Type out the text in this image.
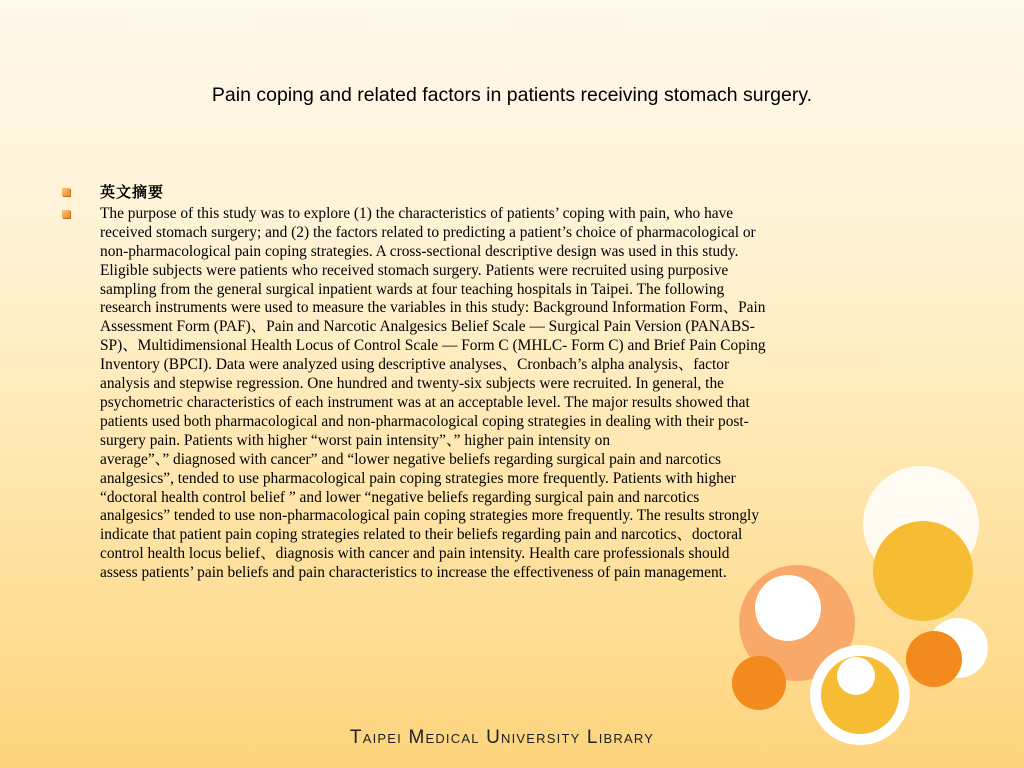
Pain coping and related factors in patients receiving stomach surgery.
英文摘要
The purpose of this study was to explore (1) the characteristics of patients’ coping with pain, who have
received stomach surgery; and (2) the factors related to predicting a patient’s choice of pharmacological or
non-pharmacological pain coping strategies. A cross-sectional descriptive design was used in this study.
Eligible subjects were patients who received stomach surgery. Patients were recruited using purposive
sampling from the general surgical inpatient wards at four teaching hospitals in Taipei. The following
research instruments were used to measure the variables in this study: Background Information Form、Pain
Assessment Form (PAF)、Pain and Narcotic Analgesics Belief Scale — Surgical Pain Version (PANABS-
SP)、Multidimensional Health Locus of Control Scale — Form C (MHLC- Form C) and Brief Pain Coping
Inventory (BPCI). Data were analyzed using descriptive analyses、Cronbach’s alpha analysis、factor
analysis and stepwise regression. One hundred and twenty-six subjects were recruited. In general, the
psychometric characteristics of each instrument was at an acceptable level. The major results showed that
patients used both pharmacological and non-pharmacological coping strategies in dealing with their post-
surgery pain. Patients with higher “worst pain intensity”、” higher pain intensity on
average”、” diagnosed with cancer” and “lower negative beliefs regarding surgical pain and narcotics
analgesics”, tended to use pharmacological pain coping strategies more frequently. Patients with higher
“doctoral health control belief ” and lower “negative beliefs regarding surgical pain and narcotics
analgesics” tended to use non-pharmacological pain coping strategies more frequently. The results strongly
indicate that patient pain coping strategies related to their beliefs regarding pain and narcotics、doctoral
control health locus belief、diagnosis with cancer and pain intensity. Health care professionals should
assess patients’ pain beliefs and pain characteristics to increase the effectiveness of pain management.
Taipei Medical University Library
